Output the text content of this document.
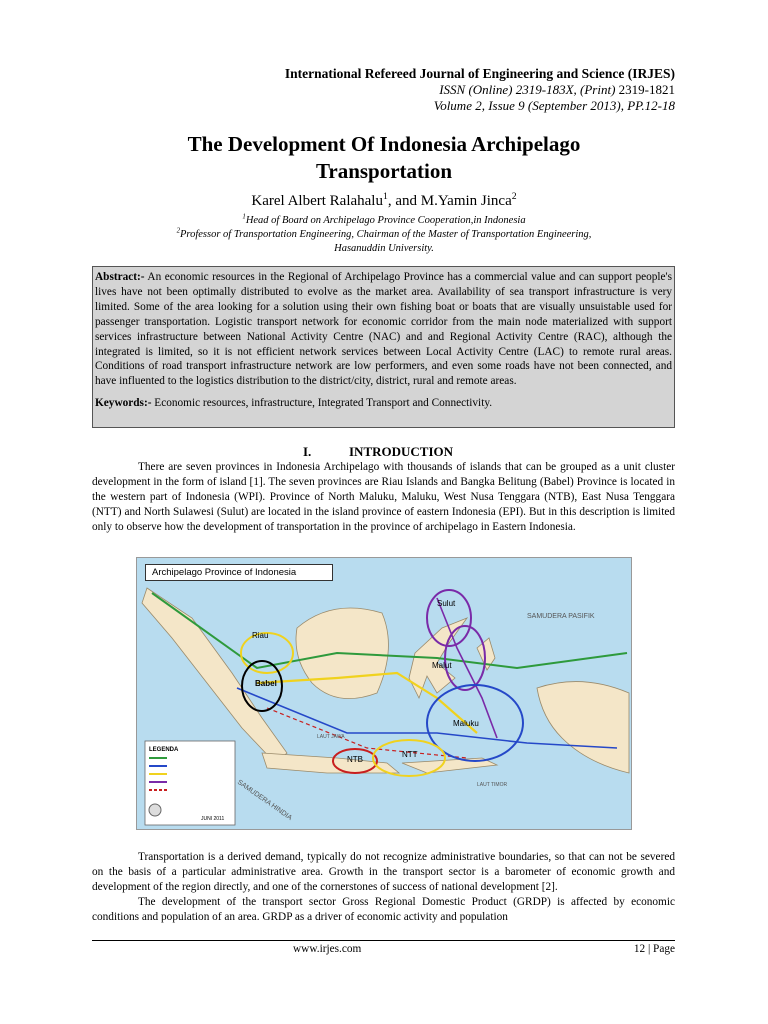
International Refereed Journal of Engineering and Science (IRJES)
ISSN (Online) 2319-183X, (Print) 2319-1821
Volume 2, Issue 9 (September 2013), PP.12-18
The Development Of Indonesia Archipelago
Transportation
Karel Albert Ralahalu$^1$, and M.Yamin Jinca$^2$
$^1$Head of Board on Archipelago Province Cooperation,in Indonesia
$^2$Professor of Transportation Engineering, Chairman of the Master of Transportation Engineering,
Hasanuddin University.

Abstract:- An economic resources in the Regional of Archipelago Province has a commercial value and can support people's lives have not been optimally distributed to evolve as the market area. Availability of sea transport infrastructure is very limited. Some of the area looking for a solution using their own fishing boat or boats that are visually unsuistable used for passenger transportation. Logistic transport network for economic corridor from the main node materialized with support services infrastructure between National Activity Centre (NAC) and and Regional Activity Centre (RAC), although the integrated is limited, so it is not efficient network services between Local Activity Centre (LAC) to remote rural areas. Conditions of road transport infrastructure network are low performers, and even some roads have not been connected, and have influented to the logistics distribution to the district/city, district, rural and remote areas.

Keywords:- Economic resources, infrastructure, Integrated Transport and Connectivity.

I.	INTRODUCTION

There are seven provinces in Indonesia Archipelago with thousands of islands that can be grouped as a unit cluster development in the form of island [1]. The seven provinces are Riau Islands and Bangka Belitung (Babel) Province is located in the western part of Indonesia (WPI). Province of North Maluku, Maluku, West Nusa Tenggara (NTB), East Nusa Tenggara (NTT) and North Sulawesi (Sulut) are located in the island province of eastern Indonesia (EPI). But in this description is limited only to observe how the development of transportation in the province of archipelago in Eastern Indonesia.

LEGENDA
JUNI 2011
Sulut
Riau
Malut
Babel
Maluku
NTB
NTT
SAMUDERA PASIFIK
SAMUDERA HINDIA
LAUT JAWA
LAUT TIMOR
Archipelago Province of Indonesia

Transportation is a derived demand, typically do not recognize administrative boundaries, so that can not be severed on the basis of a particular administrative area. Growth in the transport sector is a barometer of economic growth and development of the region directly, and one of the cornerstones of success of national development [2].

The development of the transport sector Gross Regional Domestic Product (GRDP) is affected by economic conditions and population of an area. GRDP as a driver of economic activity and population

www.irjes.com	12 | Page
